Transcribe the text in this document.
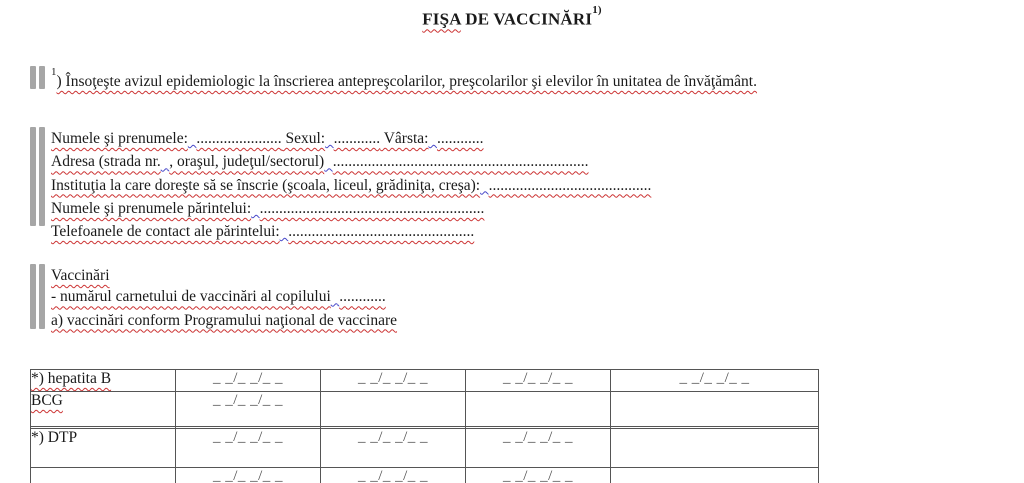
FIŞA DE VACCINĂRI$^{1)}$
$^1$) Însoţeşte avizul epidemiologic la înscrierea antepreşcolarilor, preşcolarilor şi elevilor în unitatea de învăţământ.
Numele şi prenumele: ...................... Sexul: ............ Vârsta: ............
Adresa (strada nr. , oraşul, judeţul/sectorul) ..................................................................
Instituţia la care doreşte să se înscrie (şcoala, liceul, grădiniţa, creşa): ..........................................
Numele şi prenumele părintelui: ..........................................................
Telefoanele de contact ale părintelui: ................................................
Vaccinări
- numărul carnetului de vaccinări al copilului ............
a) vaccinări conform Programului naţional de vaccinare
*) hepatita B	_ _/_ _/_ _	_ _/_ _/_ _	_ _/_ _/_ _	_ _/_ _/_ _
BCG	_ _/_ _/_ _			

*) DTP	_ _/_ _/_ _	_ _/_ _/_ _	_ _/_ _/_ _	
	_ _/_ _/_ _	_ _/_ _/_ _	_ _/_ _/_ _	
